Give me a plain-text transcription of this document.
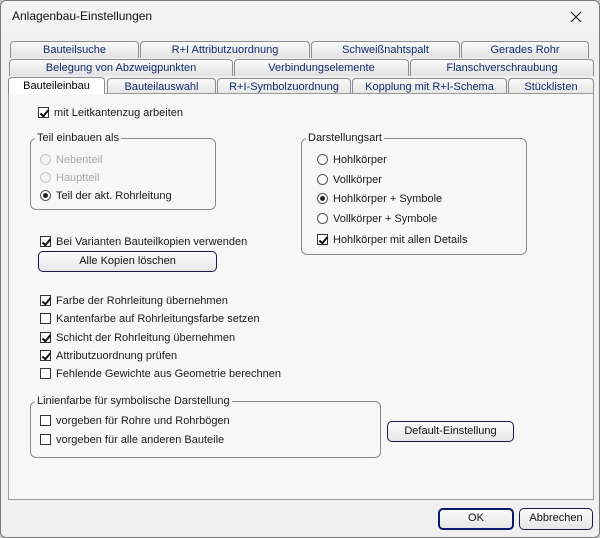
Anlagenbau-Einstellungen
Bauteilsuche	R+I Attributzuordnung	Schweißnahtspalt	Gerades Rohr
Belegung von Abzweigpunkten	Verbindungselemente	Flanschverschraubung
Bauteileinbau	Bauteilauswahl	R+I-Symbolzuordnung	Kopplung mit R+I-Schema	Stücklisten
mit Leitkantenzug arbeiten
Teil einbauen als
Nebenteil
Hauptteil
Teil der akt. Rohrleitung
Darstellungsart
Hohlkörper
Vollkörper
Hohlkörper + Symbole
Vollkörper + Symbole
Hohlkörper mit allen Details
Bei Varianten Bauteilkopien verwenden
Alle Kopien löschen
Farbe der Rohrleitung übernehmen
Kantenfarbe auf Rohrleitungsfarbe setzen
Schicht der Rohrleitung übernehmen
Attributzuordnung prüfen
Fehlende Gewichte aus Geometrie berechnen
Linienfarbe für symbolische Darstellung
vorgeben für Rohre und Rohrbögen
vorgeben für alle anderen Bauteile
Default-Einstellung
OK	Abbrechen
